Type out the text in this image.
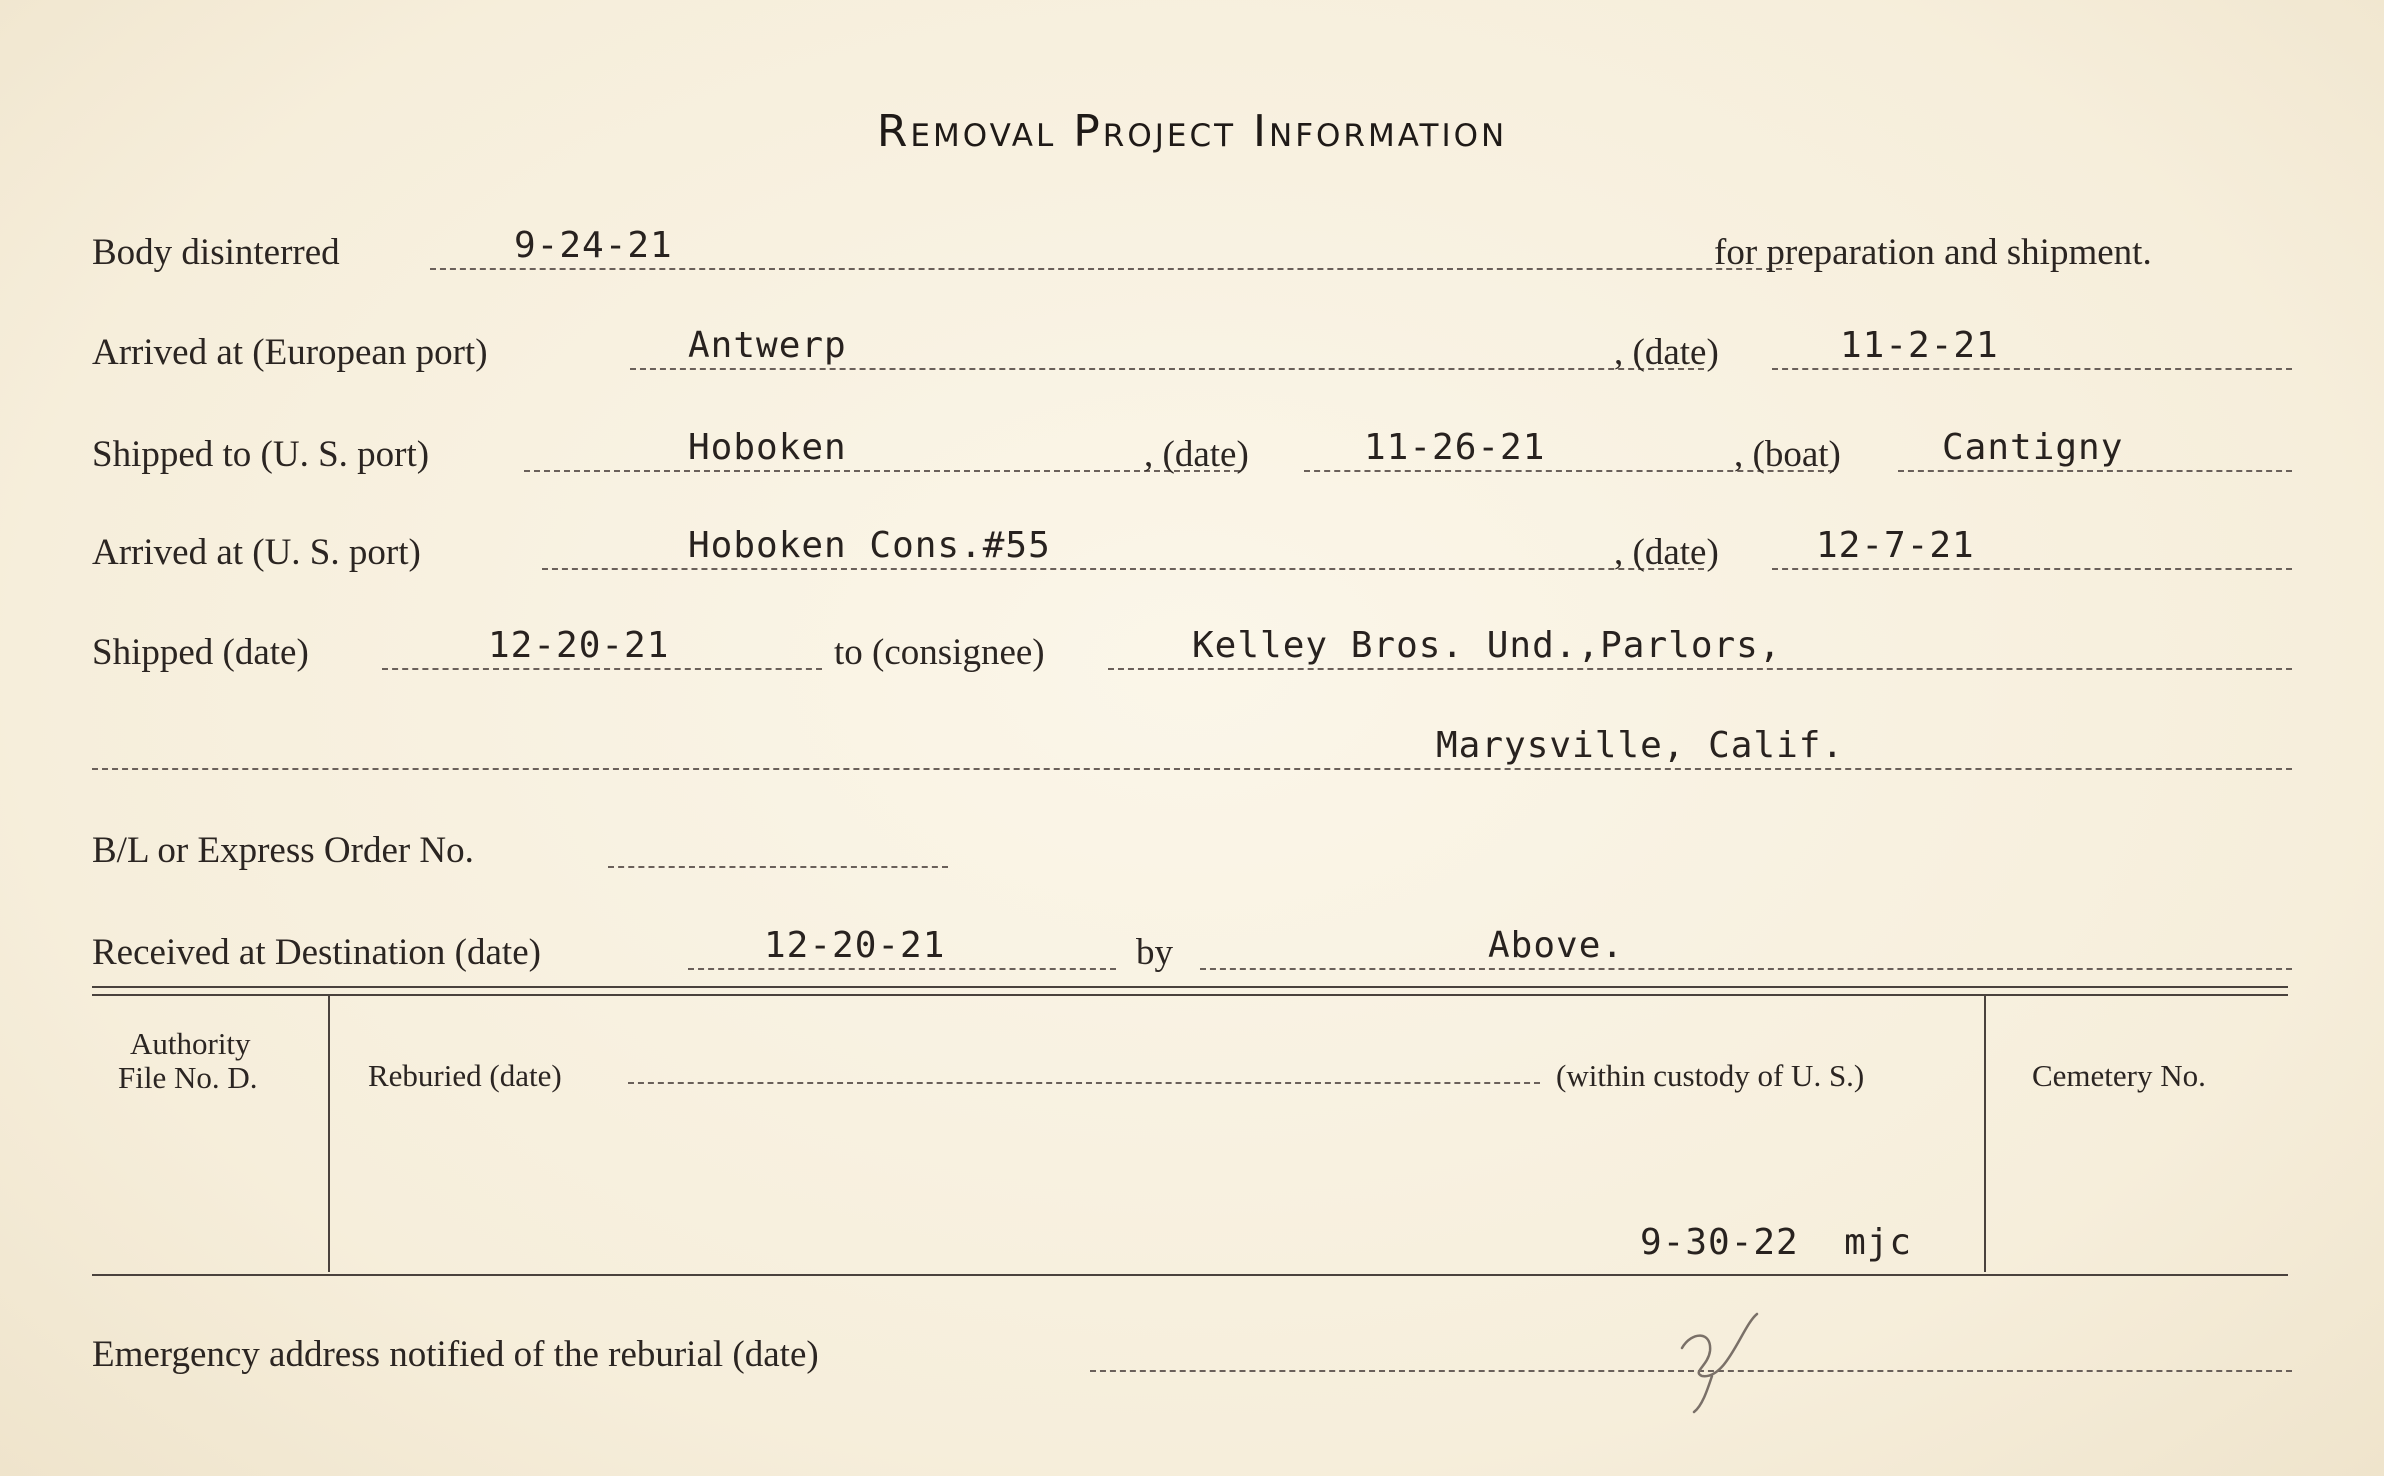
Removal Project Information
Body disinterred	9-24-21	for preparation and shipment.
Arrived at (European port)	Antwerp	, (date)	11-2-21
Shipped to (U. S. port)	Hoboken	, (date)	11-26-21	, (boat)	Cantigny
Arrived at (U. S. port)	Hoboken Cons.#55	, (date)	12-7-21
Shipped (date)	12-20-21	to (consignee)	Kelley Bros. Und.,Parlors,
Marysville, Calif.
B/L or Express Order No.
Received at Destination (date)	12-20-21	by	Above.
Authority
File No. D.	Reburied (date)	(within custody of U. S.)	Cemetery No.
9-30-22  mjc
Emergency address notified of the reburial (date)
